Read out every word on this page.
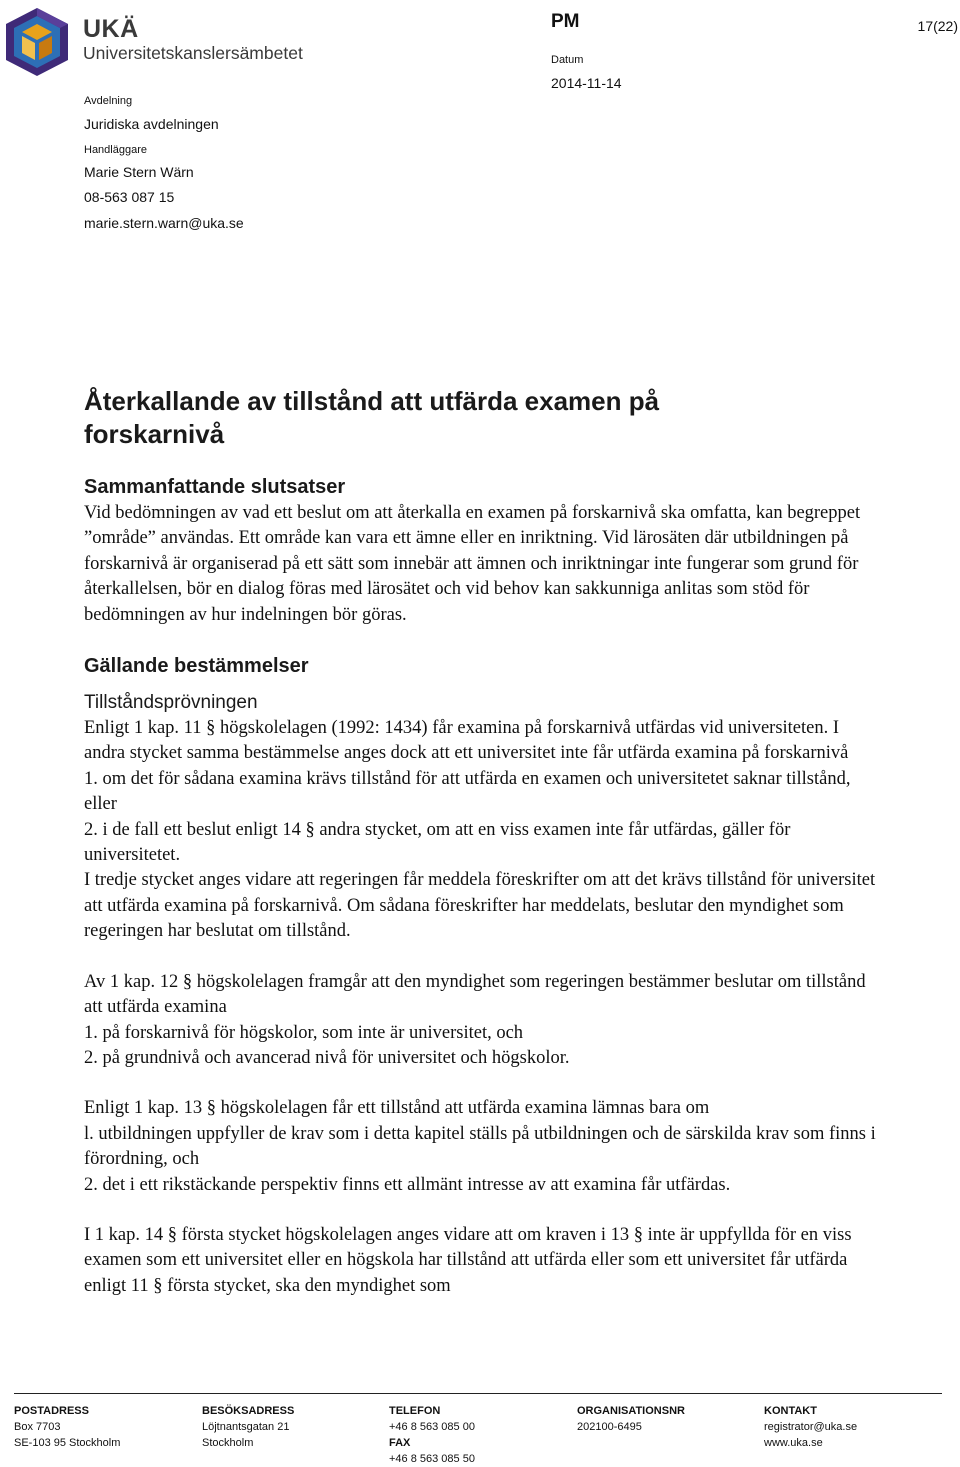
UKÄ
Universitetskanslersämbetet
PM	17(22)
Datum
2014-11-14
Avdelning
Juridiska avdelningen
Handläggare
Marie Stern Wärn
08-563 087 15
marie.stern.warn@uka.se
Återkallande av tillstånd att utfärda examen på forskarnivå

Sammanfattande slutsatser

Vid bedömningen av vad ett beslut om att återkalla en examen på forskarnivå ska omfatta, kan begreppet ”område” användas. Ett område kan vara ett ämne eller en inriktning. Vid lärosäten där utbildningen på forskarnivå är organiserad på ett sätt som innebär att ämnen och inriktningar inte fungerar som grund för återkallelsen, bör en dialog föras med lärosätet och vid behov kan sakkunniga anlitas som stöd för bedömningen av hur indelningen bör göras.

Gällande bestämmelser

Tillståndsprövningen

Enligt 1 kap. 11 § högskolelagen (1992: 1434) får examina på forskarnivå utfärdas vid universiteten. I andra stycket samma bestämmelse anges dock att ett universitet inte får utfärda examina på forskarnivå

1. om det för sådana examina krävs tillstånd för att utfärda en examen och universitetet saknar tillstånd, eller

2. i de fall ett beslut enligt 14 § andra stycket, om att en viss examen inte får utfärdas, gäller för universitetet.

I tredje stycket anges vidare att regeringen får meddela föreskrifter om att det krävs tillstånd för universitet att utfärda examina på forskarnivå. Om sådana föreskrifter har meddelats, beslutar den myndighet som regeringen har beslutat om tillstånd.

Av 1 kap. 12 § högskolelagen framgår att den myndighet som regeringen bestämmer beslutar om tillstånd att utfärda examina

1. på forskarnivå för högskolor, som inte är universitet, och

2. på grundnivå och avancerad nivå för universitet och högskolor.

Enligt 1 kap. 13 § högskolelagen får ett tillstånd att utfärda examina lämnas bara om

l. utbildningen uppfyller de krav som i detta kapitel ställs på utbildningen och de särskilda krav som finns i förordning, och

2. det i ett rikstäckande perspektiv finns ett allmänt intresse av att examina får utfärdas.

I 1 kap. 14 § första stycket högskolelagen anges vidare att om kraven i 13 § inte är uppfyllda för en viss examen som ett universitet eller en högskola har tillstånd att utfärda eller som ett universitet får utfärda enligt 11 § första stycket, ska den myndighet som

POSTADRESS
Box 7703
SE-103 95 Stockholm
BESÖKSADRESS
Löjtnantsgatan 21
Stockholm
TELEFON
+46 8 563 085 00
FAX
+46 8 563 085 50
ORGANISATIONSNR
202100-6495
KONTAKT
registrator@uka.se
www.uka.se
